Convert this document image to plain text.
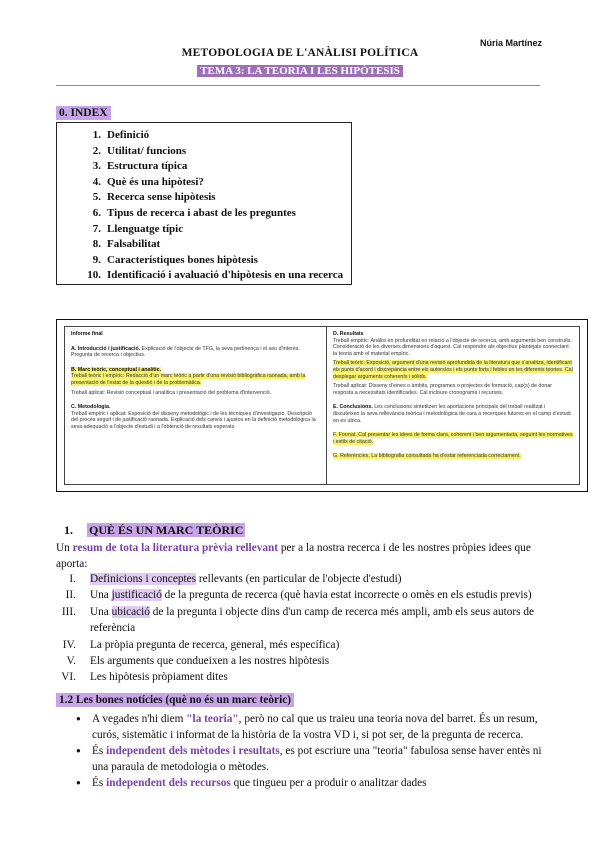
Núria Martínez
METODOLOGIA DE L'ANÀLISI POLÍTICA
TEMA 3: LA TEORIA I LES HIPÒTESIS
0. INDEX
1. Definició
2. Utilitat/ funcions
3. Estructura típica
4. Què és una hipòtesi?
5. Recerca sense hipòtesis
6. Tipus de recerca i abast de les preguntes
7. Llenguatge típic
8. Falsabilitat
9. Característiques bones hipòtesis
10. Identificació i avaluació d'hipòtesis en una recerca

Informe final

A. Introducció i justificació. Explicació de l'objecte de TFG, la seva pertinença i el seu d'interès. Pregunta de recerca i objectius.

B. Marc teòric, conceptual i analític.
Treball teòric i empíric: Redacció d'un marc teòric a partir d'una revisió bibliogràfica raonada, amb la presentació de l'estat de la qüestió i de la problemàtica.

Treball aplicat: Revisió conceptual i analítica i presentació del problema d'intervenció.

C. Metodologia.
Treball empíric i aplicat: Exposició del disseny metodològic i de les tècniques d'investigació. Descripció del procés seguit i de justificació raonada. Explicació dels canvis i ajustos en la definició metodològica la seva adequació a l'objecte d'estudi i a l'obtenció de resultats esperats.

D. Resultats
Treball empíric: Anàlisi en profunditat en relació a l'objecte de recerca, amb arguments ben construïts. Consideració de les diverses dimensions d'aquest. Cal respondre als objectius plantejats connectant la teoria amb el material empíric.

Treball teòric: Exposició, argument d'una revisió aprofundida de la literatura que s'analitza, identificant els punts d'acord i discrepància entre els autors/es i els punts forts i febles en les diferents teories. Cal desplegar arguments coherents i sòlids.

Treball aplicat: Disseny d'eines o àmbits, programes o projectes de formació, cap(s) de donar resposta a necessitats identificades. Cal incloure cronograma i recursos.

E. Conclusions. Les conclusions sintetitzen les aportacions principals del treball realitzat i discuteixen la seva rellevància teòrica i metodològica de cara a recerques futures en el camp d'estudi on es ubica.

F. Format. Cal presentar les idees de forma clara, coherent i ben argumentada, seguint les normatives i estils de citació.

G. Referències. La bibliografia consultada ha d'estar referenciada correctament.

1. QUÈ ÉS UN MARC TEÒRIC
Un resum de tota la literatura prèvia rellevant per a la nostra recerca i de les nostres pròpies idees que aporta:
I. Definicions i conceptes rellevants (en particular de l'objecte d'estudi)
II. Una justificació de la pregunta de recerca (què havia estat incorrecte o omès en els estudis previs)
III. Una ubicació de la pregunta i objecte dins d'un camp de recerca més ampli, amb els seus autors de referència
IV. La pròpia pregunta de recerca, general, més específica)
V. Els arguments que condueixen a les nostres hipòtesis
VI. Les hipòtesis pròpiament dites
1.2 Les bones notícies (què no és un marc teòric)
● A vegades n'hi diem "la teoria", però no cal que us traieu una teoria nova del barret. És un resum, curós, sistemàtic i informat de la història de la vostra VD i, si pot ser, de la pregunta de recerca.
● És independent dels mètodes i resultats, es pot escriure una "teoria" fabulosa sense haver entès ni una paraula de metodologia o mètodes.
● És independent dels recursos que tingueu per a produir o analitzar dades
